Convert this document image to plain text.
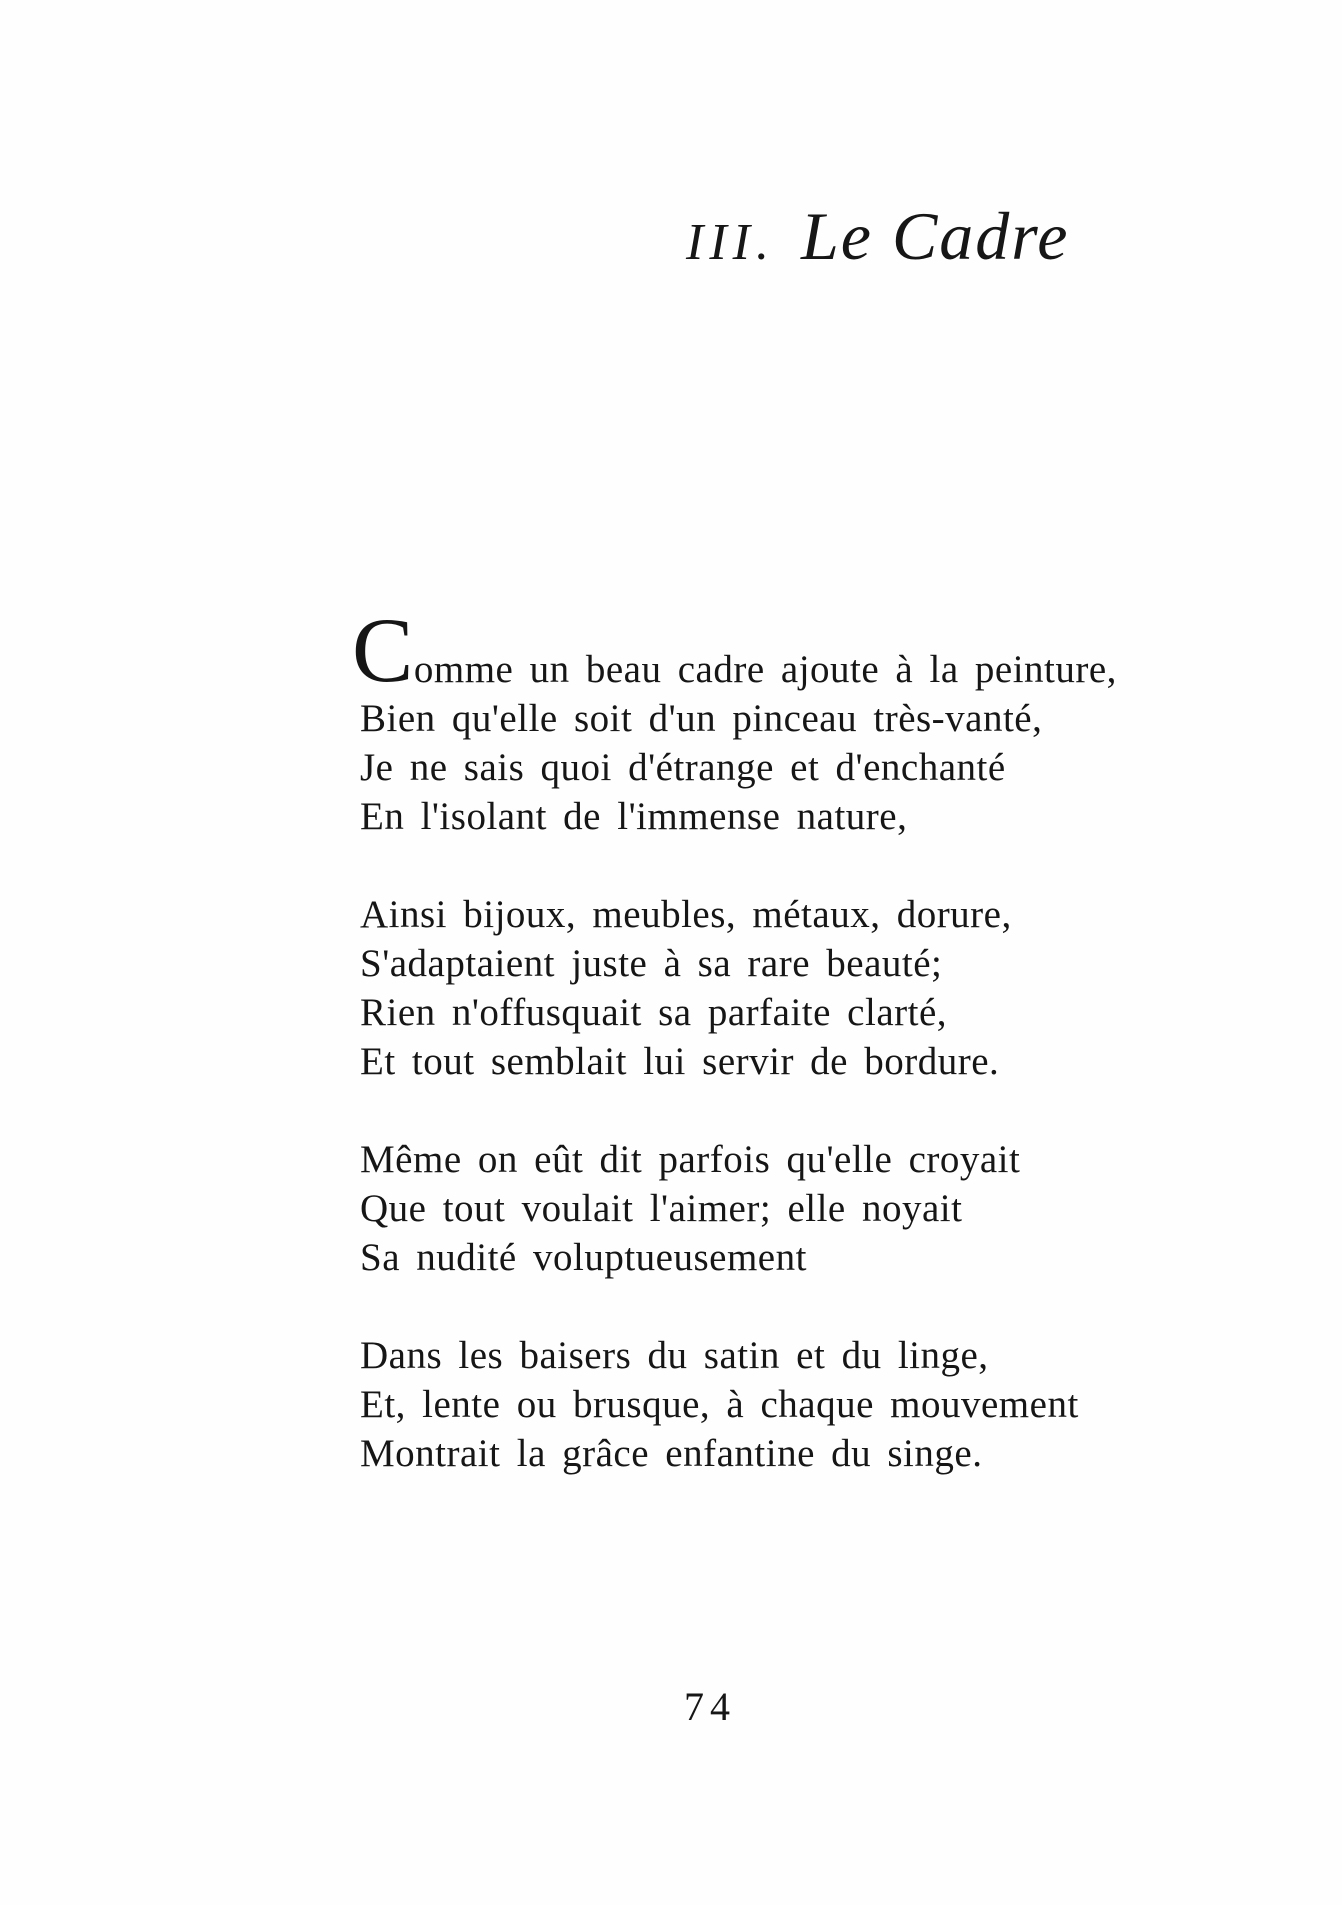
III. Le Cadre
Comme un beau cadre ajoute à la peinture,
Bien qu'elle soit d'un pinceau très-vanté,
Je ne sais quoi d'étrange et d'enchanté
En l'isolant de l'immense nature,
Ainsi bijoux, meubles, métaux, dorure,
S'adaptaient juste à sa rare beauté;
Rien n'offusquait sa parfaite clarté,
Et tout semblait lui servir de bordure.
Même on eût dit parfois qu'elle croyait
Que tout voulait l'aimer; elle noyait
Sa nudité voluptueusement
Dans les baisers du satin et du linge,
Et, lente ou brusque, à chaque mouvement
Montrait la grâce enfantine du singe.
74
